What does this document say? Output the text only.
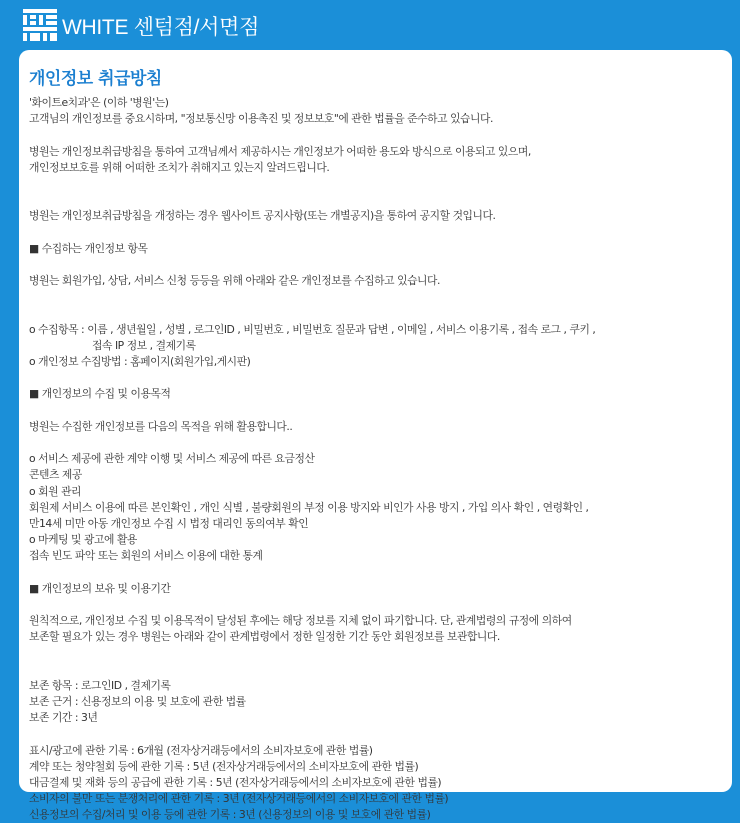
WHITE 센텀점/서면점
개인정보 취급방침
'화이트e치과'은 (이하 '병원'는)
고객님의 개인정보를 중요시하며, "정보통신망 이용촉진 및 정보보호"에 관한 법률을 준수하고 있습니다.
병원는 개인정보취급방침을 통하여 고객님께서 제공하시는 개인정보가 어떠한 용도와 방식으로 이용되고 있으며,
개인정보보호를 위해 어떠한 조치가 취해지고 있는지 알려드립니다.
병원는 개인정보취급방침을 개정하는 경우 웹사이트 공지사항(또는 개별공지)을 통하여 공지할 것입니다.
■ 수집하는 개인정보 항목
병원는 회원가입, 상담, 서비스 신청 등등을 위해 아래와 같은 개인정보를 수집하고 있습니다.
ο 수집항목 : 이름 , 생년월일 , 성별 , 로그인ID , 비밀번호 , 비밀번호 질문과 답변 , 이메일 , 서비스 이용기록 , 접속 로그 , 쿠키 ,
접속 IP 정보 , 결제기록
ο 개인정보 수집방법 : 홈페이지(회원가입,게시판)
■ 개인정보의 수집 및 이용목적
병원는 수집한 개인정보를 다음의 목적을 위해 활용합니다..
ο 서비스 제공에 관한 계약 이행 및 서비스 제공에 따른 요금정산
콘텐츠 제공
ο 회원 관리
회원제 서비스 이용에 따른 본인확인 , 개인 식별 , 불량회원의 부정 이용 방지와 비인가 사용 방지 , 가입 의사 확인 , 연령확인 ,
만14세 미만 아동 개인정보 수집 시 법정 대리인 동의여부 확인
ο 마케팅 및 광고에 활용
접속 빈도 파악 또는 회원의 서비스 이용에 대한 통계
■ 개인정보의 보유 및 이용기간
원칙적으로, 개인정보 수집 및 이용목적이 달성된 후에는 해당 정보를 지체 없이 파기합니다. 단, 관계법령의 규정에 의하여
보존할 필요가 있는 경우 병원는 아래와 같이 관계법령에서 정한 일정한 기간 동안 회원정보를 보관합니다.
보존 항목 : 로그인ID , 결제기록
보존 근거 : 신용정보의 이용 및 보호에 관한 법률
보존 기간 : 3년
표시/광고에 관한 기록 : 6개월 (전자상거래등에서의 소비자보호에 관한 법률)
계약 또는 청약철회 등에 관한 기록 : 5년 (전자상거래등에서의 소비자보호에 관한 법률)
대금결제 및 재화 등의 공급에 관한 기록 : 5년 (전자상거래등에서의 소비자보호에 관한 법률)
소비자의 불만 또는 분쟁처리에 관한 기록 : 3년 (전자상거래등에서의 소비자보호에 관한 법률)
신용정보의 수집/처리 및 이용 등에 관한 기록 : 3년 (신용정보의 이용 및 보호에 관한 법률)
